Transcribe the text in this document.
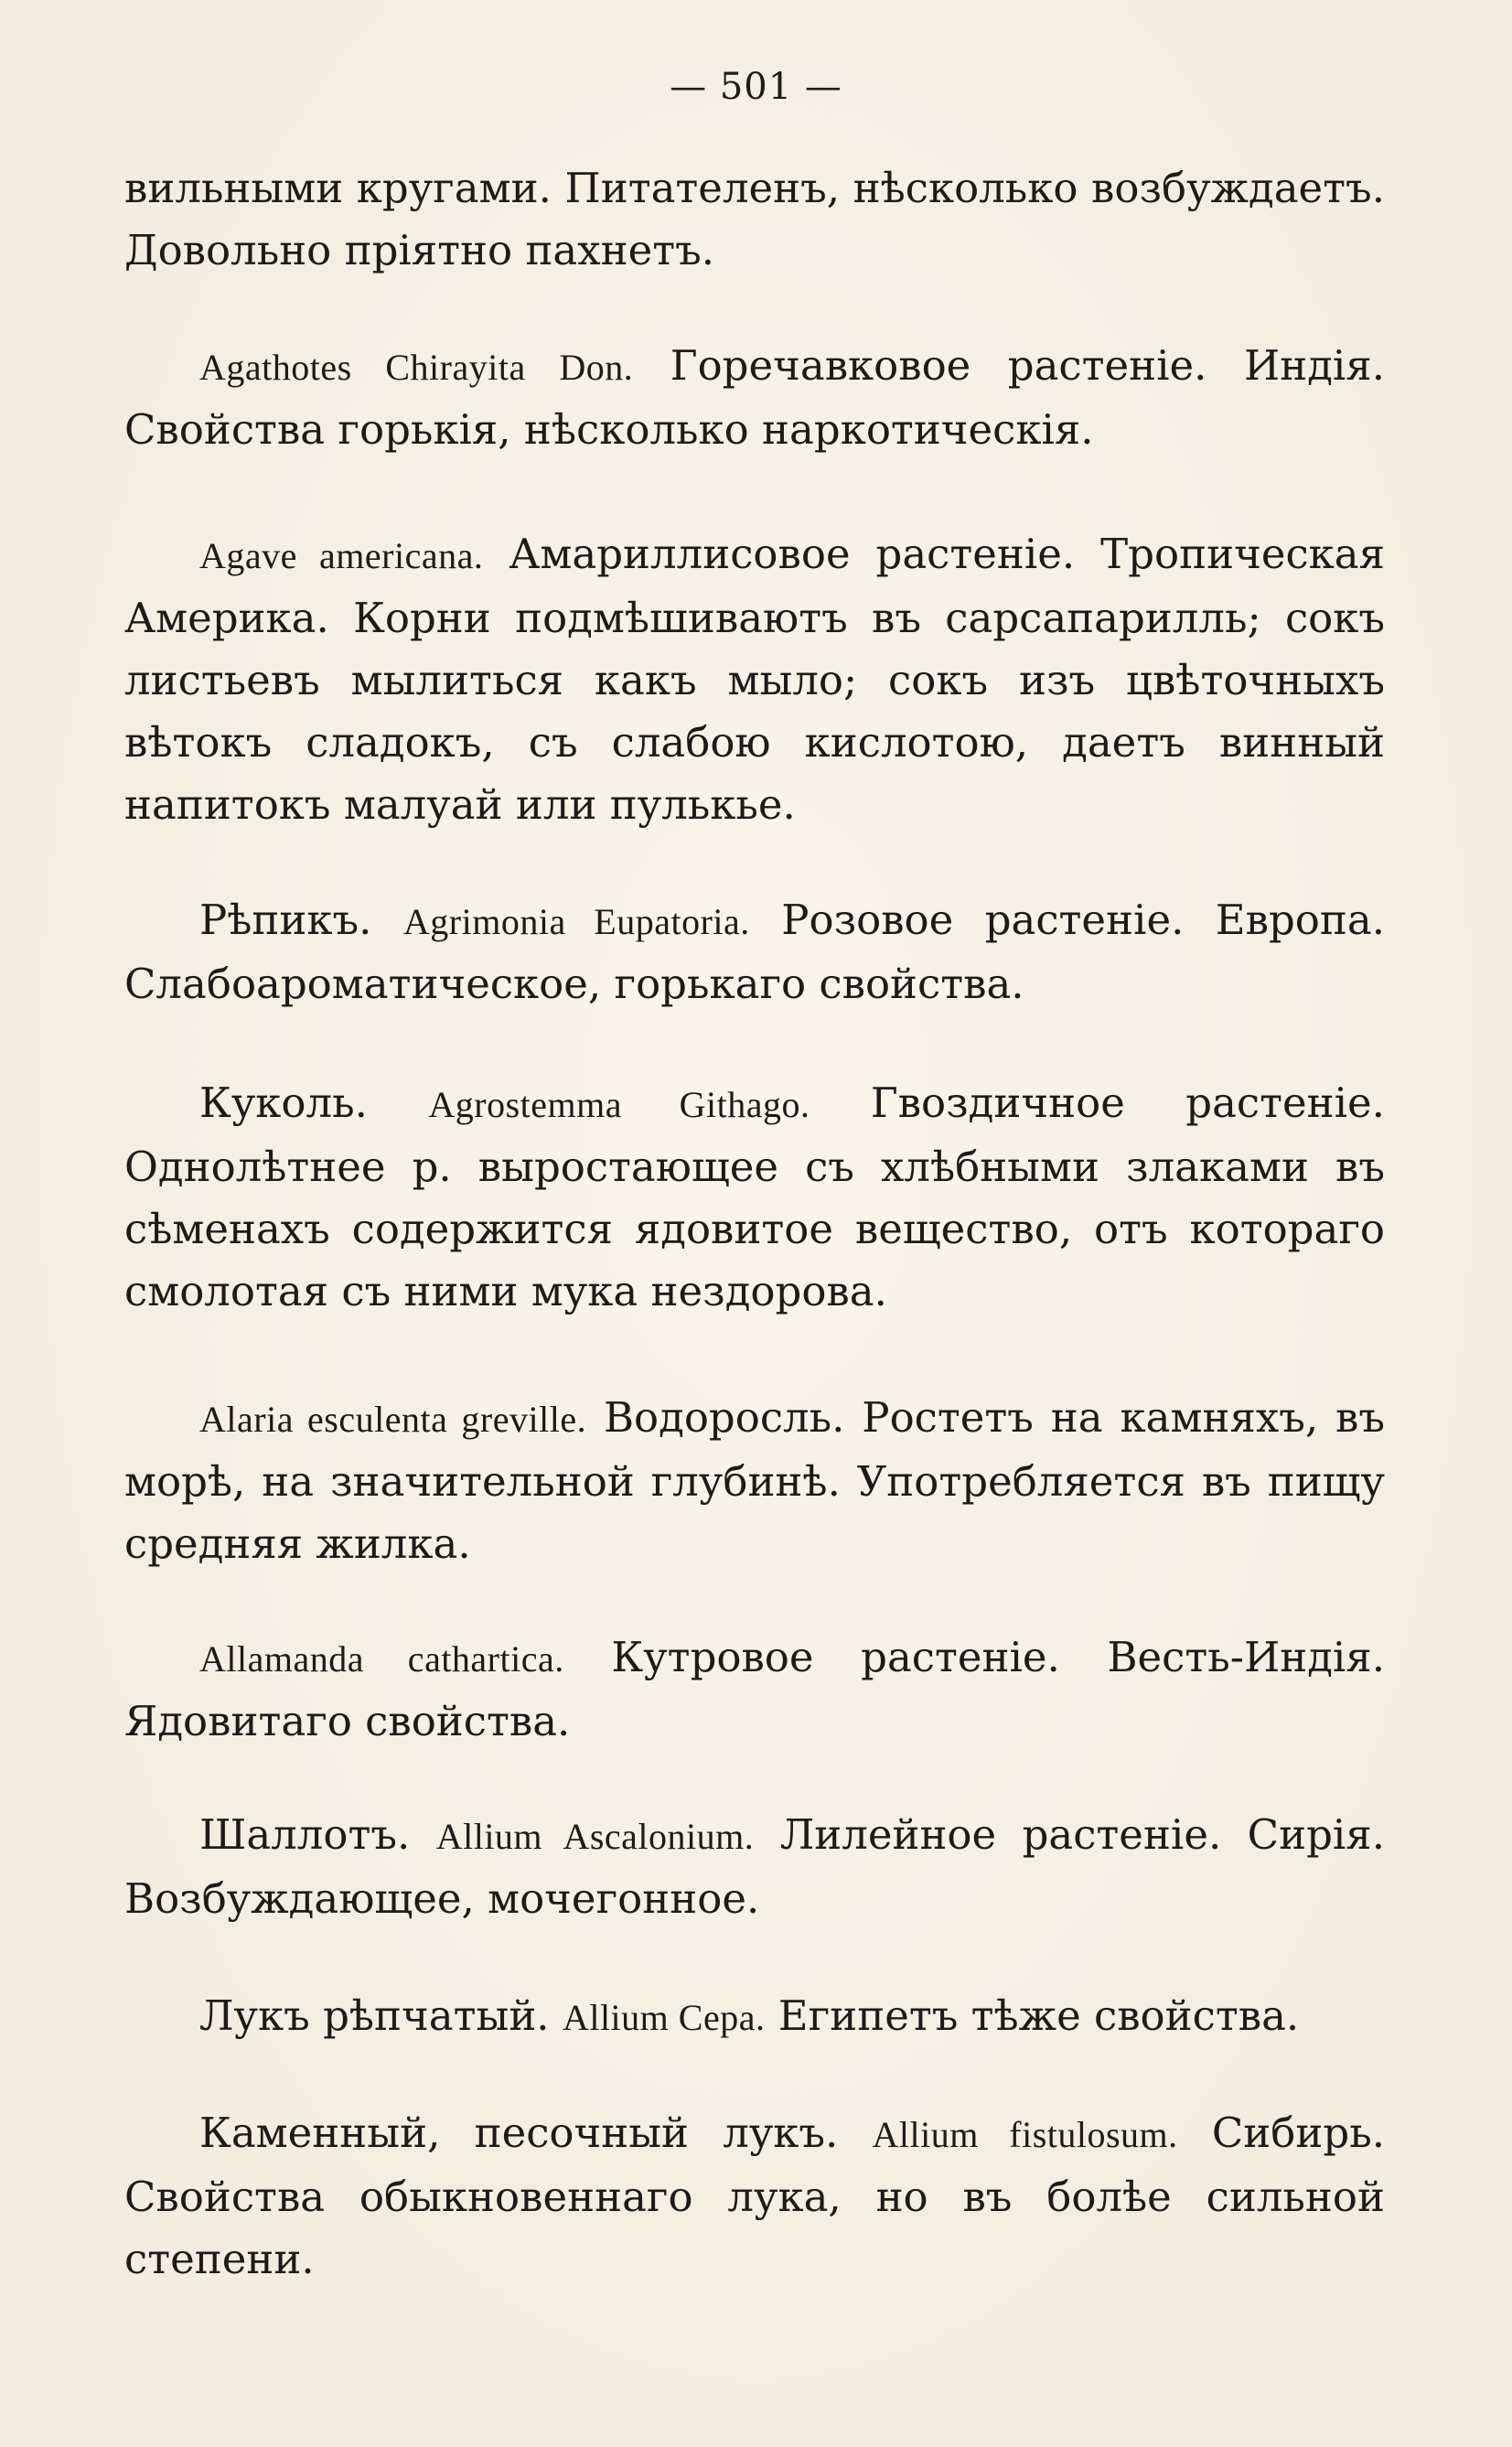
— 501 —

вильными кругами. Питателенъ, нѣсколько возбуждаетъ. Довольно пріятно пахнетъ.

Agathotes Chirayita Don. Горечавковое растеніе. Индія. Свойства горькія, нѣсколько наркотическія.

Agave americana. Амариллисовое растеніе. Тропическая Америка. Корни подмѣшиваютъ въ сарсапарилль; сокъ листьевъ мылиться какъ мыло; сокъ изъ цвѣточныхъ вѣтокъ сладокъ, съ слабою кислотою, даетъ винный напитокъ малуай или пулькье.

Рѣпикъ. Agrimonia Eupatoria. Розовое растеніе. Европа. Слабоароматическое, горькаго свойства.

Куколь. Agrostemma Githago. Гвоздичное растеніе. Однолѣтнее р. выростающее съ хлѣбными злаками въ сѣменахъ содержится ядовитое вещество, отъ котораго смолотая съ ними мука нездорова.

Alaria esculenta greville. Водоросль. Ростетъ на камняхъ, въ морѣ, на значительной глубинѣ. Употребляется въ пищу средняя жилка.

Allamanda cathartica. Кутровое растеніе. Весть-Индія. Ядовитаго свойства.

Шаллотъ. Allium Ascalonium. Лилейное растеніе. Сирія. Возбуждающее, мочегонное.

Лукъ рѣпчатый. Allium Cepa. Египетъ тѣже свойства.

Каменный, песочный лукъ. Allium fistulosum. Сибирь. Свойства обыкновеннаго лука, но въ болѣе сильной степени.
